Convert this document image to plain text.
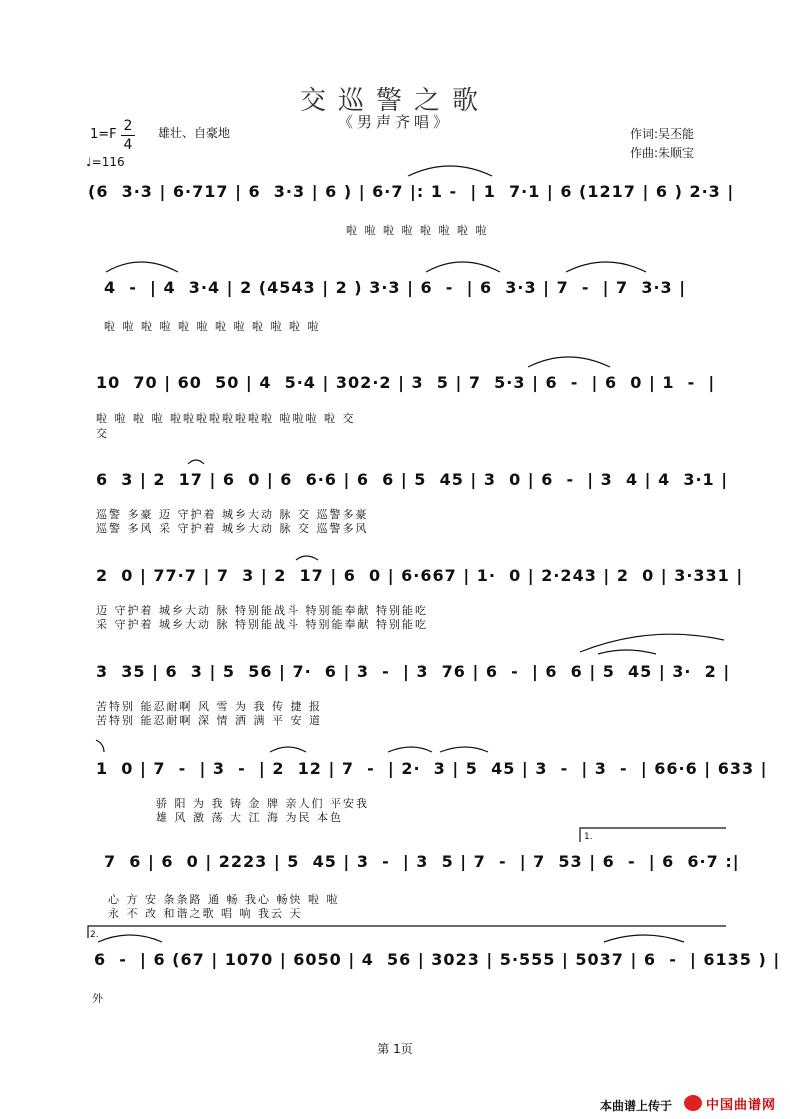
交巡警之歌
《男声齐唱》
$1=F \frac{2}{4}$ 雄壮、自豪地
♩=116
作词:吴丕能
作曲:朱顺宝
(6  3·3 | 6·717 | 6  3·3 | 6 ) | 6·7 |: 1 -  | 1  7·1 | 6 (1217 | 6 ) 2·3 |
啦 啦 啦 啦 啦 啦 啦 啦
4  -  | 4  3·4 | 2 (4543 | 2 ) 3·3 | 6  -  | 6  3·3 | 7  -  | 7  3·3 |
啦 啦 啦 啦 啦 啦 啦 啦 啦 啦 啦 啦
10  70 | 60  50 | 4  5·4 | 302·2 | 3  5 | 7  5·3 | 6  -  | 6  0 | 1  -  |
啦 啦 啦 啦 啦啦啦啦啦啦啦啦 啦啦啦 啦 交
交
6  3 | 2  17 | 6  0 | 6  6·6 | 6  6 | 5  45 | 3  0 | 6  -  | 3  4 | 4  3·1 |
巡警 多豪 迈 守护着 城乡大动 脉 交 巡警多豪
巡警 多风 采 守护着 城乡大动 脉 交 巡警多风
2  0 | 77·7 | 7  3 | 2  17 | 6  0 | 6·667 | 1·  0 | 2·243 | 2  0 | 3·331 |
迈 守护着 城乡大动 脉 特别能战斗 特别能奉献 特别能吃
采 守护着 城乡大动 脉 特别能战斗 特别能奉献 特别能吃
3  35 | 6  3 | 5  56 | 7·  6 | 3  -  | 3  76 | 6  -  | 6  6 | 5  45 | 3·  2 |
苦特别 能忍耐啊 风 雪 为 我 传 捷 报
苦特别 能忍耐啊 深 情 洒 满 平 安 道
1  0 | 7  -  | 3  -  | 2  12 | 7  -  | 2·  3 | 5  45 | 3  -  | 3  -  | 66·6 | 633 |
骄 阳 为 我 铸 金 牌 亲人们 平安我
雄 风 激 荡 大 江 海 为民 本色
7  6 | 6  0 | 2223 | 5  45 | 3  -  | 3  5 | 7  -  | 7  53 | 6  -  | 6  6·7 :|
心 方 安 条条路 通 畅 我心 畅快 啦 啦
永 不 改 和谐之歌 唱 响 我云 天
6  -  | 6 (67 | 1070 | 6050 | 4  56 | 3023 | 5·555 | 5037 | 6  -  | 6135 ) |
外
1.
2.
第 1页
本曲谱上传于	中国曲谱网
